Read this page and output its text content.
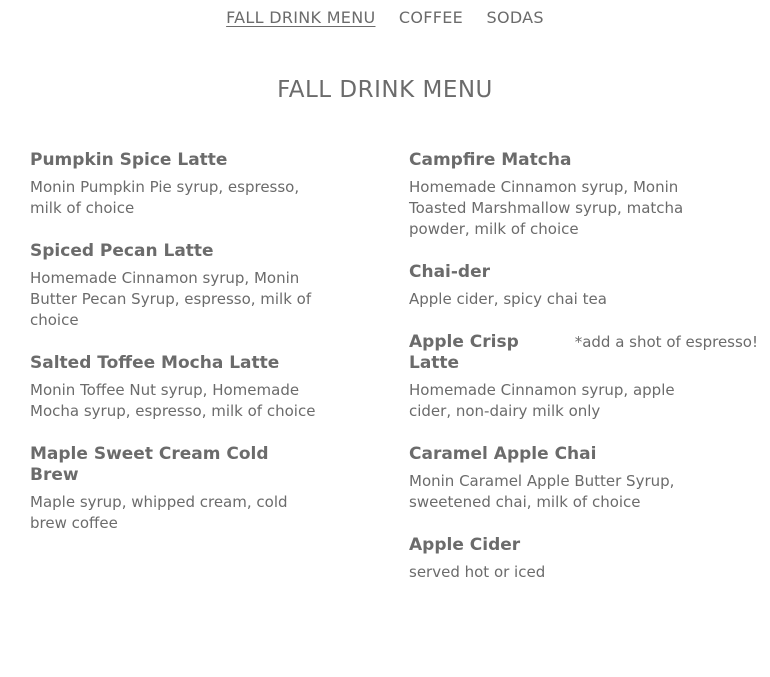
FALL DRINK MENU COFFEE SODAS
FALL DRINK MENU

Pumpkin Spice Latte

Monin Pumpkin Pie syrup, espresso, milk of choice

Spiced Pecan Latte

Homemade Cinnamon syrup, Monin Butter Pecan Syrup, espresso, milk of choice

Salted Toffee Mocha Latte

Monin Toffee Nut syrup, Homemade Mocha syrup, espresso, milk of choice

Maple Sweet Cream Cold Brew

Maple syrup, whipped cream, cold brew coffee

Campfire Matcha

Homemade Cinnamon syrup, Monin Toasted Marshmallow syrup, matcha powder, milk of choice

Chai-der

Apple cider, spicy chai tea

Apple Crisp Latte

*add a shot of espresso!

Homemade Cinnamon syrup, apple cider, non-dairy milk only

Caramel Apple Chai

Monin Caramel Apple Butter Syrup, sweetened chai, milk of choice

Apple Cider

served hot or iced
